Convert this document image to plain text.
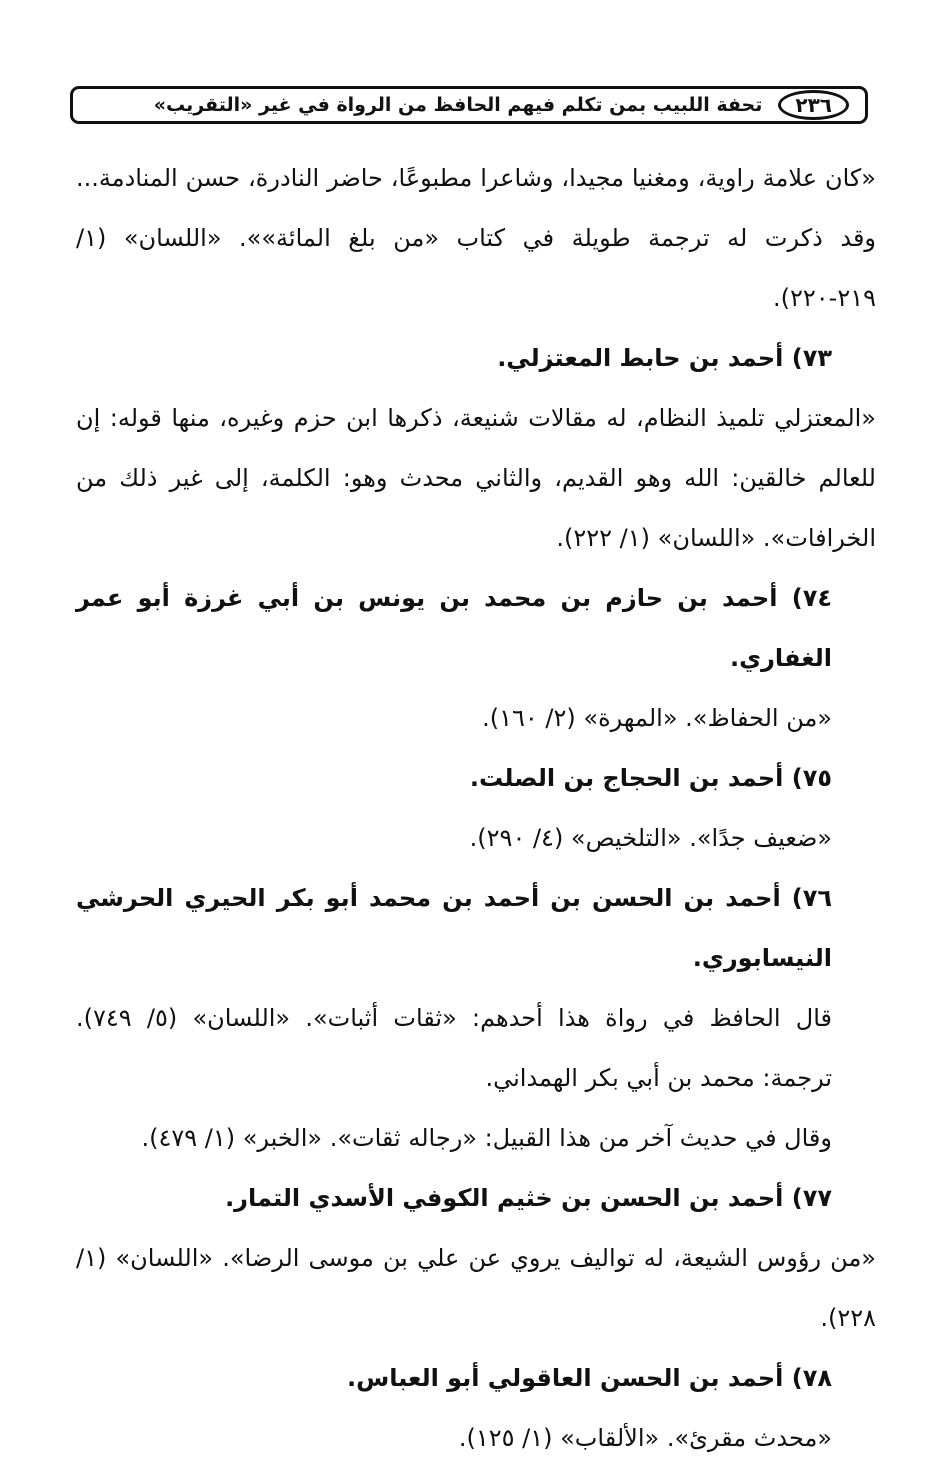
٢٣٦
تحفة اللبيب بمن تكلم فيهم الحافظ من الرواة في غير «التقريب»

«كان علامة راوية، ومغنيا مجيدا، وشاعرا مطبوعًا، حاضر النادرة، حسن المنادمة... وقد ذكرت له ترجمة طويلة في كتاب «من بلغ المائة»». «اللسان» (١/ ٢١٩-٢٢٠).

٧٣) أحمد بن حابط المعتزلي.

«المعتزلي تلميذ النظام، له مقالات شنيعة، ذكرها ابن حزم وغيره، منها قوله: إن للعالم خالقين: الله وهو القديم، والثاني محدث وهو: الكلمة، إلى غير ذلك من الخرافات». «اللسان» (١/ ٢٢٢).

٧٤) أحمد بن حازم بن محمد بن يونس بن أبي غرزة أبو عمر الغفاري.

«من الحفاظ». «المهرة» (٢/ ١٦٠).

٧٥) أحمد بن الحجاج بن الصلت.

«ضعيف جدًا». «التلخيص» (٤/ ٢٩٠).

٧٦) أحمد بن الحسن بن أحمد بن محمد أبو بكر الحيري الحرشي النيسابوري.

قال الحافظ في رواة هذا أحدهم: «ثقات أثبات». «اللسان» (٥/ ٧٤٩). ترجمة: محمد بن أبي بكر الهمداني.

وقال في حديث آخر من هذا القبيل: «رجاله ثقات». «الخبر» (١/ ٤٧٩).

٧٧) أحمد بن الحسن بن خثيم الكوفي الأسدي التمار.

«من رؤوس الشيعة، له تواليف يروي عن علي بن موسى الرضا». «اللسان» (١/ ٢٢٨).

٧٨) أحمد بن الحسن العاقولي أبو العباس.

«محدث مقرئ». «الألقاب» (١/ ١٢٥).
